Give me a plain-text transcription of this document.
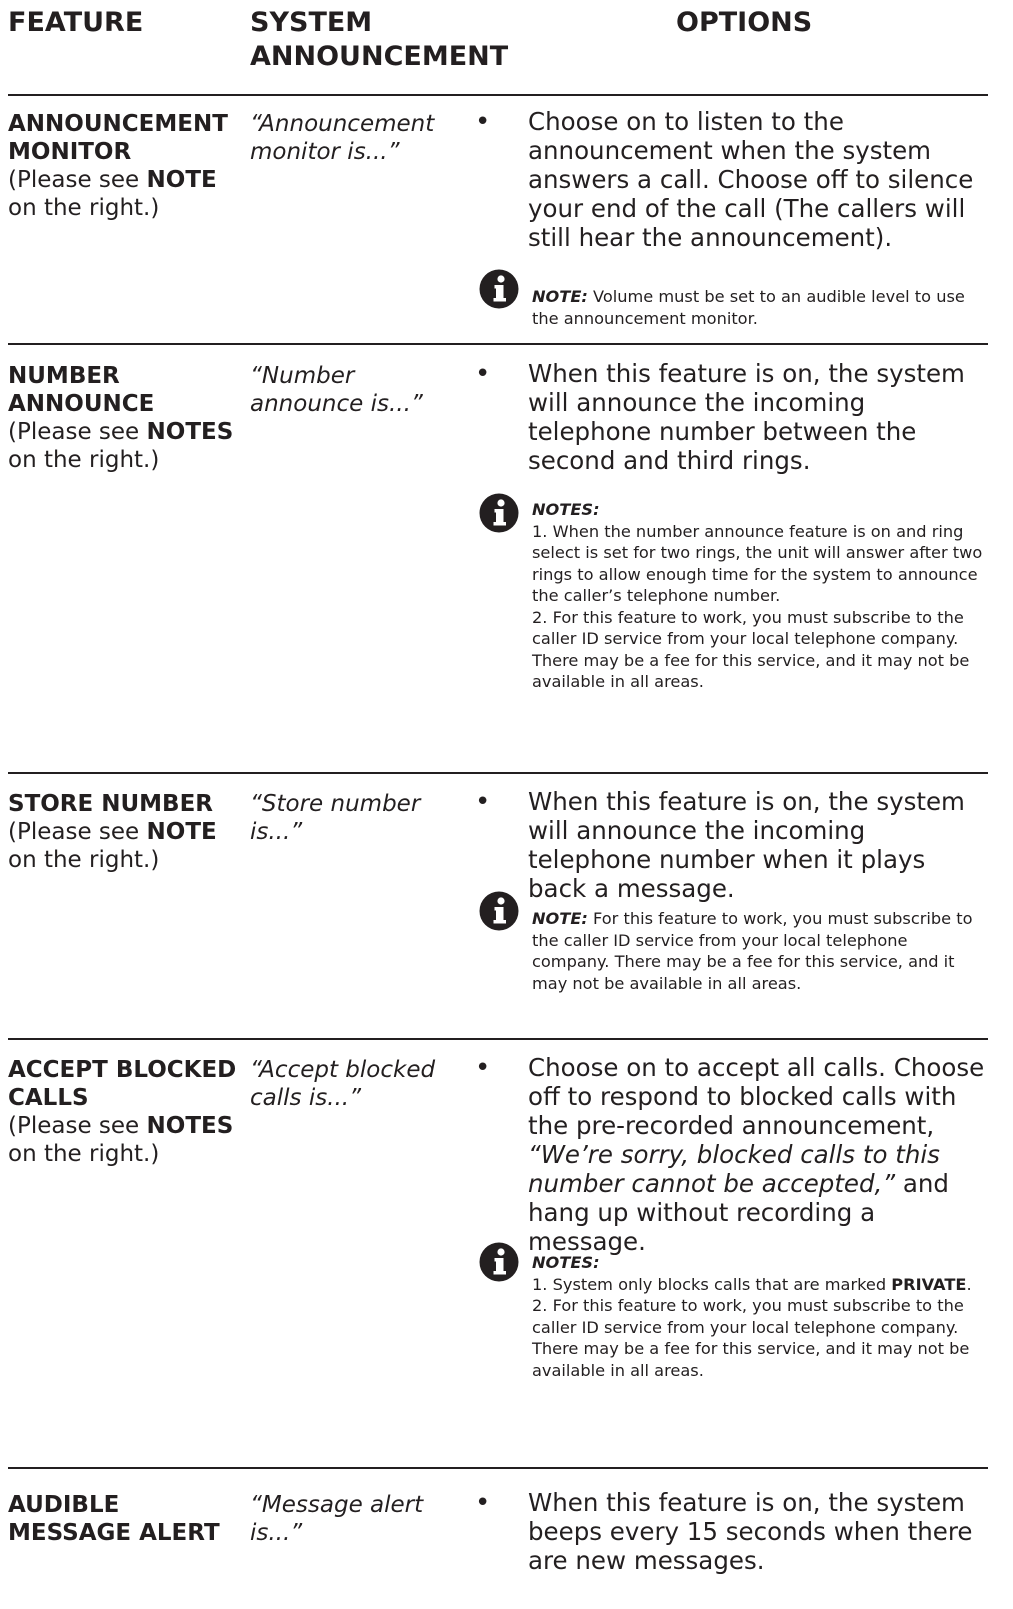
FEATURE	SYSTEM
ANNOUNCEMENT
OPTIONS
ANNOUNCEMENT MONITOR
(Please see NOTE on the right.)
“Announcement monitor is...”
• Choose on to listen to the announcement when the system answers a call. Choose off to silence your end of the call (The callers will still hear the announcement).
NOTE: Volume must be set to an audible level to use the announcement monitor.
NUMBER ANNOUNCE
(Please see NOTES on the right.)
“Number announce is...”
• When this feature is on, the system will announce the incoming telephone number between the second and third rings.
NOTES:
1. When the number announce feature is on and ring select is set for two rings, the unit will answer after two rings to allow enough time for the system to announce the caller’s telephone number.
2. For this feature to work, you must subscribe to the caller ID service from your local telephone company. There may be a fee for this service, and it may not be available in all areas.
STORE NUMBER
(Please see NOTE on the right.)
“Store number is...”
• When this feature is on, the system will announce the incoming telephone number when it plays back a message.
NOTE: For this feature to work, you must subscribe to the caller ID service from your local telephone company. There may be a fee for this service, and it may not be available in all areas.
ACCEPT BLOCKED CALLS
(Please see NOTES on the right.)
“Accept blocked calls is...”
• Choose on to accept all calls. Choose off to respond to blocked calls with the pre-recorded announcement, “We’re sorry, blocked calls to this number cannot be accepted,” and hang up without recording a message.
NOTES:
1. System only blocks calls that are marked PRIVATE.
2. For this feature to work, you must subscribe to the caller ID service from your local telephone company. There may be a fee for this service, and it may not be available in all areas.
AUDIBLE MESSAGE ALERT
“Message alert is...”
• When this feature is on, the system beeps every 15 seconds when there are new messages.
